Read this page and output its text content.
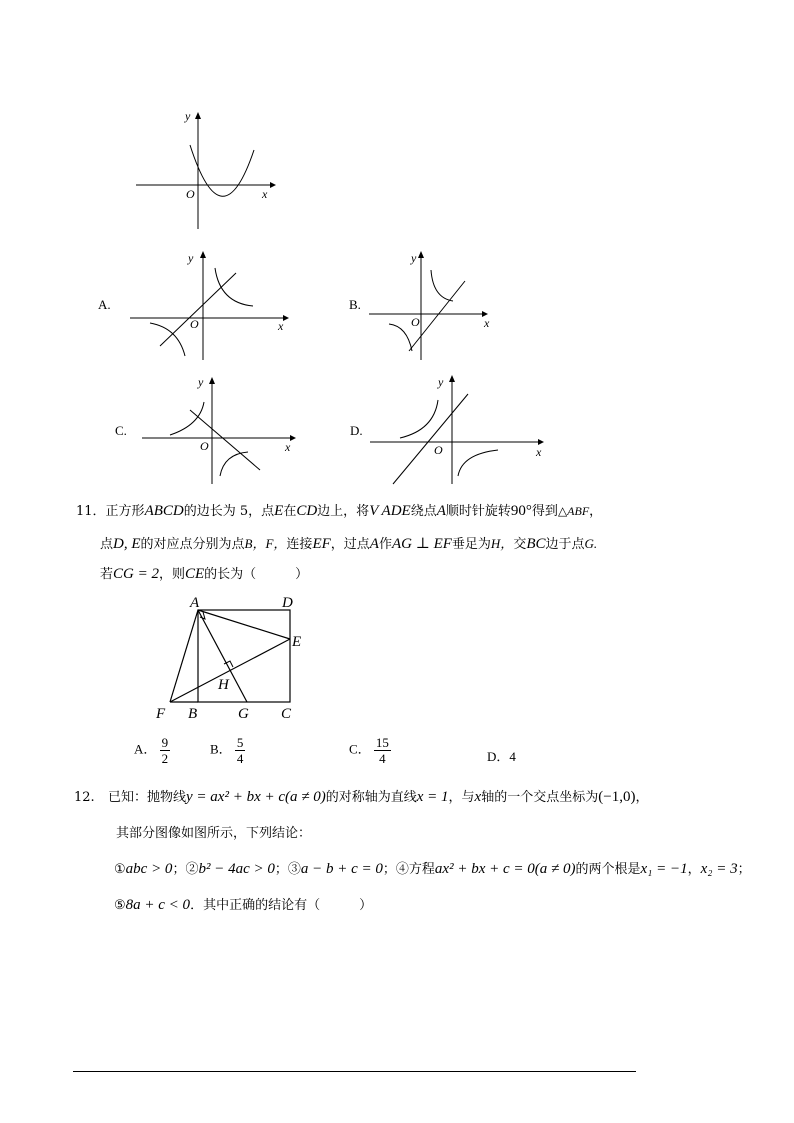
y
O	x
A.
y
O	x
B.
y
O	x
C.
y
O	x
D.
y
O	x
11．正方形ABCD的边长为 5，点E在CD边上，将V ADE绕点A顺时针旋转90°得到△ABF，
点D, E的对应点分别为点B，F，连接EF，过点A作AG ⊥ EF垂足为H，交BC边于点G.
若CG = 2，则CE的长为（　　　）
A	D
E
H
F B	G C
A． $\frac{9}{2}$	B． $\frac{5}{4}$	C． $\frac{15}{4}$	D．4
12. 已知：抛物线y = ax² + bx + c(a ≠ 0)的对称轴为直线x = 1，与x轴的一个交点坐标为(−1,0)，
其部分图像如图所示，下列结论：
①abc > 0；②b² − 4ac > 0；③a − b + c = 0；④方程ax² + bx + c = 0(a ≠ 0)的两个根是x₁ = −1，x₂ = 3；
⑤8a + c < 0．其中正确的结论有（　　　）
